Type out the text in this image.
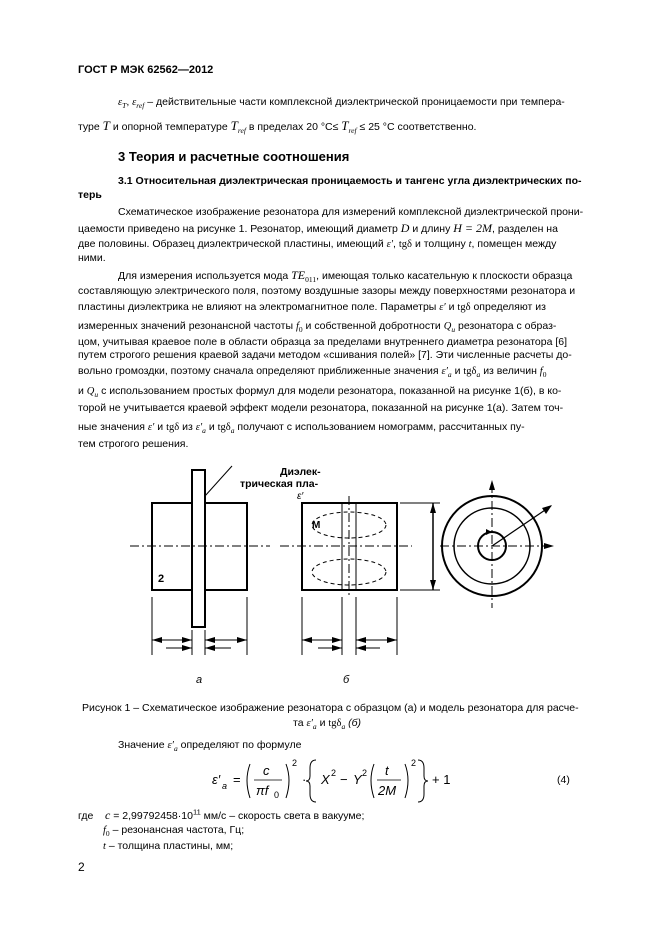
ГОСТ Р МЭК 62562—2012
$\varepsilon_T$, $\varepsilon_{ref}$ – действительные части комплексной диэлектрической проницаемости при темпера-
туре T и опорной температуре $T_{ref}$ в пределах 20 $^\circ С\le T_{ref} \le 25$ °С соответственно.
3 Теория и расчетные соотношения
3.1 Относительная диэлектрическая проницаемость и тангенс угла диэлектрических по-
терь
Схематическое изображение резонатора для измерений комплексной диэлектрической прони-
цаемости приведено на рисунке 1. Резонатор, имеющий диаметр D и длину H = 2M, разделен на
две половины. Образец диэлектрической пластины, имеющий ε′, tgδ и толщину t, помещен между
ними.
Для измерения используется мода $TE_{011}$, имеющая только касательную к плоскости образца
составляющую электрического поля, поэтому воздушные зазоры между поверхностями резонатора и
пластины диэлектрика не влияют на электромагнитное поле. Параметры ε′ и tgδ определяют из
измеренных значений резонансной частоты $f_0$ и собственной добротности $Q_u$ резонатора с образ-
цом, учитывая краевое поле в области образца за пределами внутреннего диаметра резонатора [6]
путем строгого решения краевой задачи методом «сшивания полей» [7]. Эти численные расчеты до-
вольно громоздки, поэтому сначала определяют приближенные значения $\varepsilon'_a$ и tgδ$_a$ из величин $f_0$
и $Q_u$ с использованием простых формул для модели резонатора, показанной на рисунке 1(б), в ко-
торой не учитывается краевой эффект модели резонатора, показанной на рисунке 1(а). Затем точ-
ные значения ε′ и tgδ из $\varepsilon'_a$ и tgδ$_a$ получают с использованием номограмм, рассчитанных пу-
тем строгого решения.
Диэлек-
трическая пла-
ε′
M
2
а	б
Рисунок 1 – Схематическое изображение резонатора с образцом (а) и модель резонатора для расче-
та $\varepsilon'_a$ и tgδ$_a$ (б)
Значение $\varepsilon'_a$ определяют по формуле
ε′ a =
c
πf 0
2
· X 2 − Y 2 t
2M
2
+ 1	(4)
где $c = 2,99792458\cdot 10^{11}$ мм/с – скорость света в вакууме;
$f_0$ – резонансная частота, Гц;
t – толщина пластины, мм;
2
